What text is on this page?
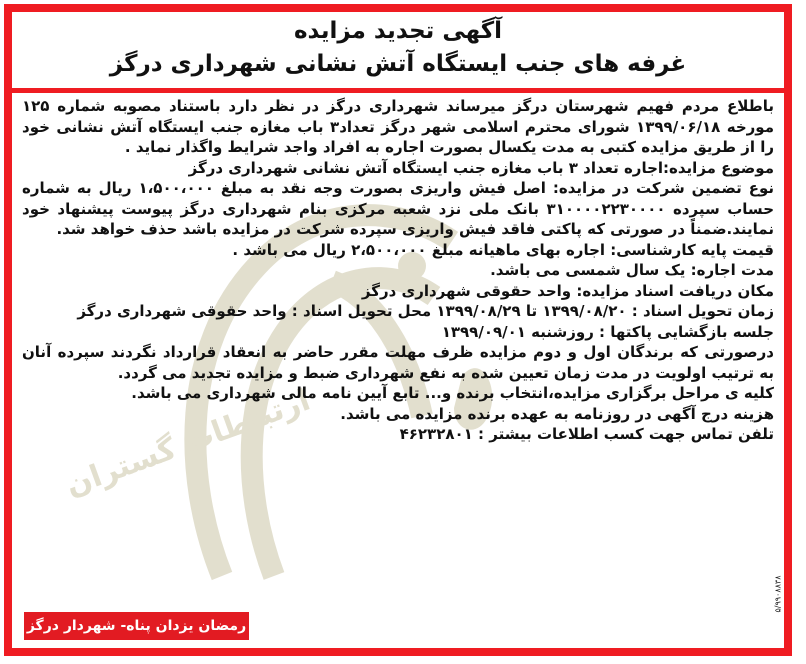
آگهی تجدید مزایده
غرفه های جنب ایستگاه آتش نشانی شهرداری درگز
ارتباطات گستران

باطلاع مردم فهیم شهرستان درگز میرساند شهرداری درگز در نظر دارد باستناد مصوبه شماره ۱۲۵ مورخه ۱۳۹۹/۰۶/۱۸ شورای محترم اسلامی شهر درگز تعداد۳ باب مغازه جنب ایستگاه آتش نشانی خود را از طریق مزایده کتبی به مدت یکسال بصورت اجاره به افراد واجد شرایط واگذار نماید .

موضوع مزایده:اجاره تعداد ۳ باب مغازه جنب ایستگاه آتش نشانی شهرداری درگز

نوع تضمین شرکت در مزایده: اصل فیش واریزی بصورت وجه نقد به مبلغ ۱،۵۰۰،۰۰۰ ریال به شماره حساب سپرده ۳۱۰۰۰۰۲۲۳۰۰۰۰ بانک ملی نزد شعبه مرکزی بنام شهرداری درگز پیوست پیشنهاد خود نمایند.ضمناً در صورتی که پاکتی فاقد فیش واریزی سپرده شرکت در مزایده باشد حذف خواهد شد.

قیمت پایه کارشناسی: اجاره بهای ماهیانه مبلغ ۲،۵۰۰،۰۰۰ ریال می باشد .

مدت اجاره: یک سال شمسی می باشد.

مکان دریافت اسناد مزایده: واحد حقوقی شهرداری درگز

زمان تحویل اسناد : ۱۳۹۹/۰۸/۲۰ تا ۱۳۹۹/۰۸/۲۹ محل تحویل اسناد : واحد حقوقی شهرداری درگز

جلسه بازگشایی پاکتها : روزشنبه ۱۳۹۹/۰۹/۰۱

درصورتی که برندگان اول و دوم مزایده ظرف مهلت مقرر حاضر به انعقاد قرارداد نگردند سپرده آنان به ترتیب اولویت در مدت زمان تعیین شده به نفع شهرداری ضبط و مزایده تجدید می گردد.

کلیه ی مراحل برگزاری مزایده،انتخاب برنده و... تابع آیین نامه مالی شهرداری می باشد.

هزینه درج آگهی در روزنامه به عهده برنده مزایده می باشد.

تلفن تماس جهت کسب اطلاعات بیشتر : ۴۶۲۳۲۸۰۱

رمضان یزدان پناه- شهردار درگز
۵/۹۹۰۸۸۳۸
